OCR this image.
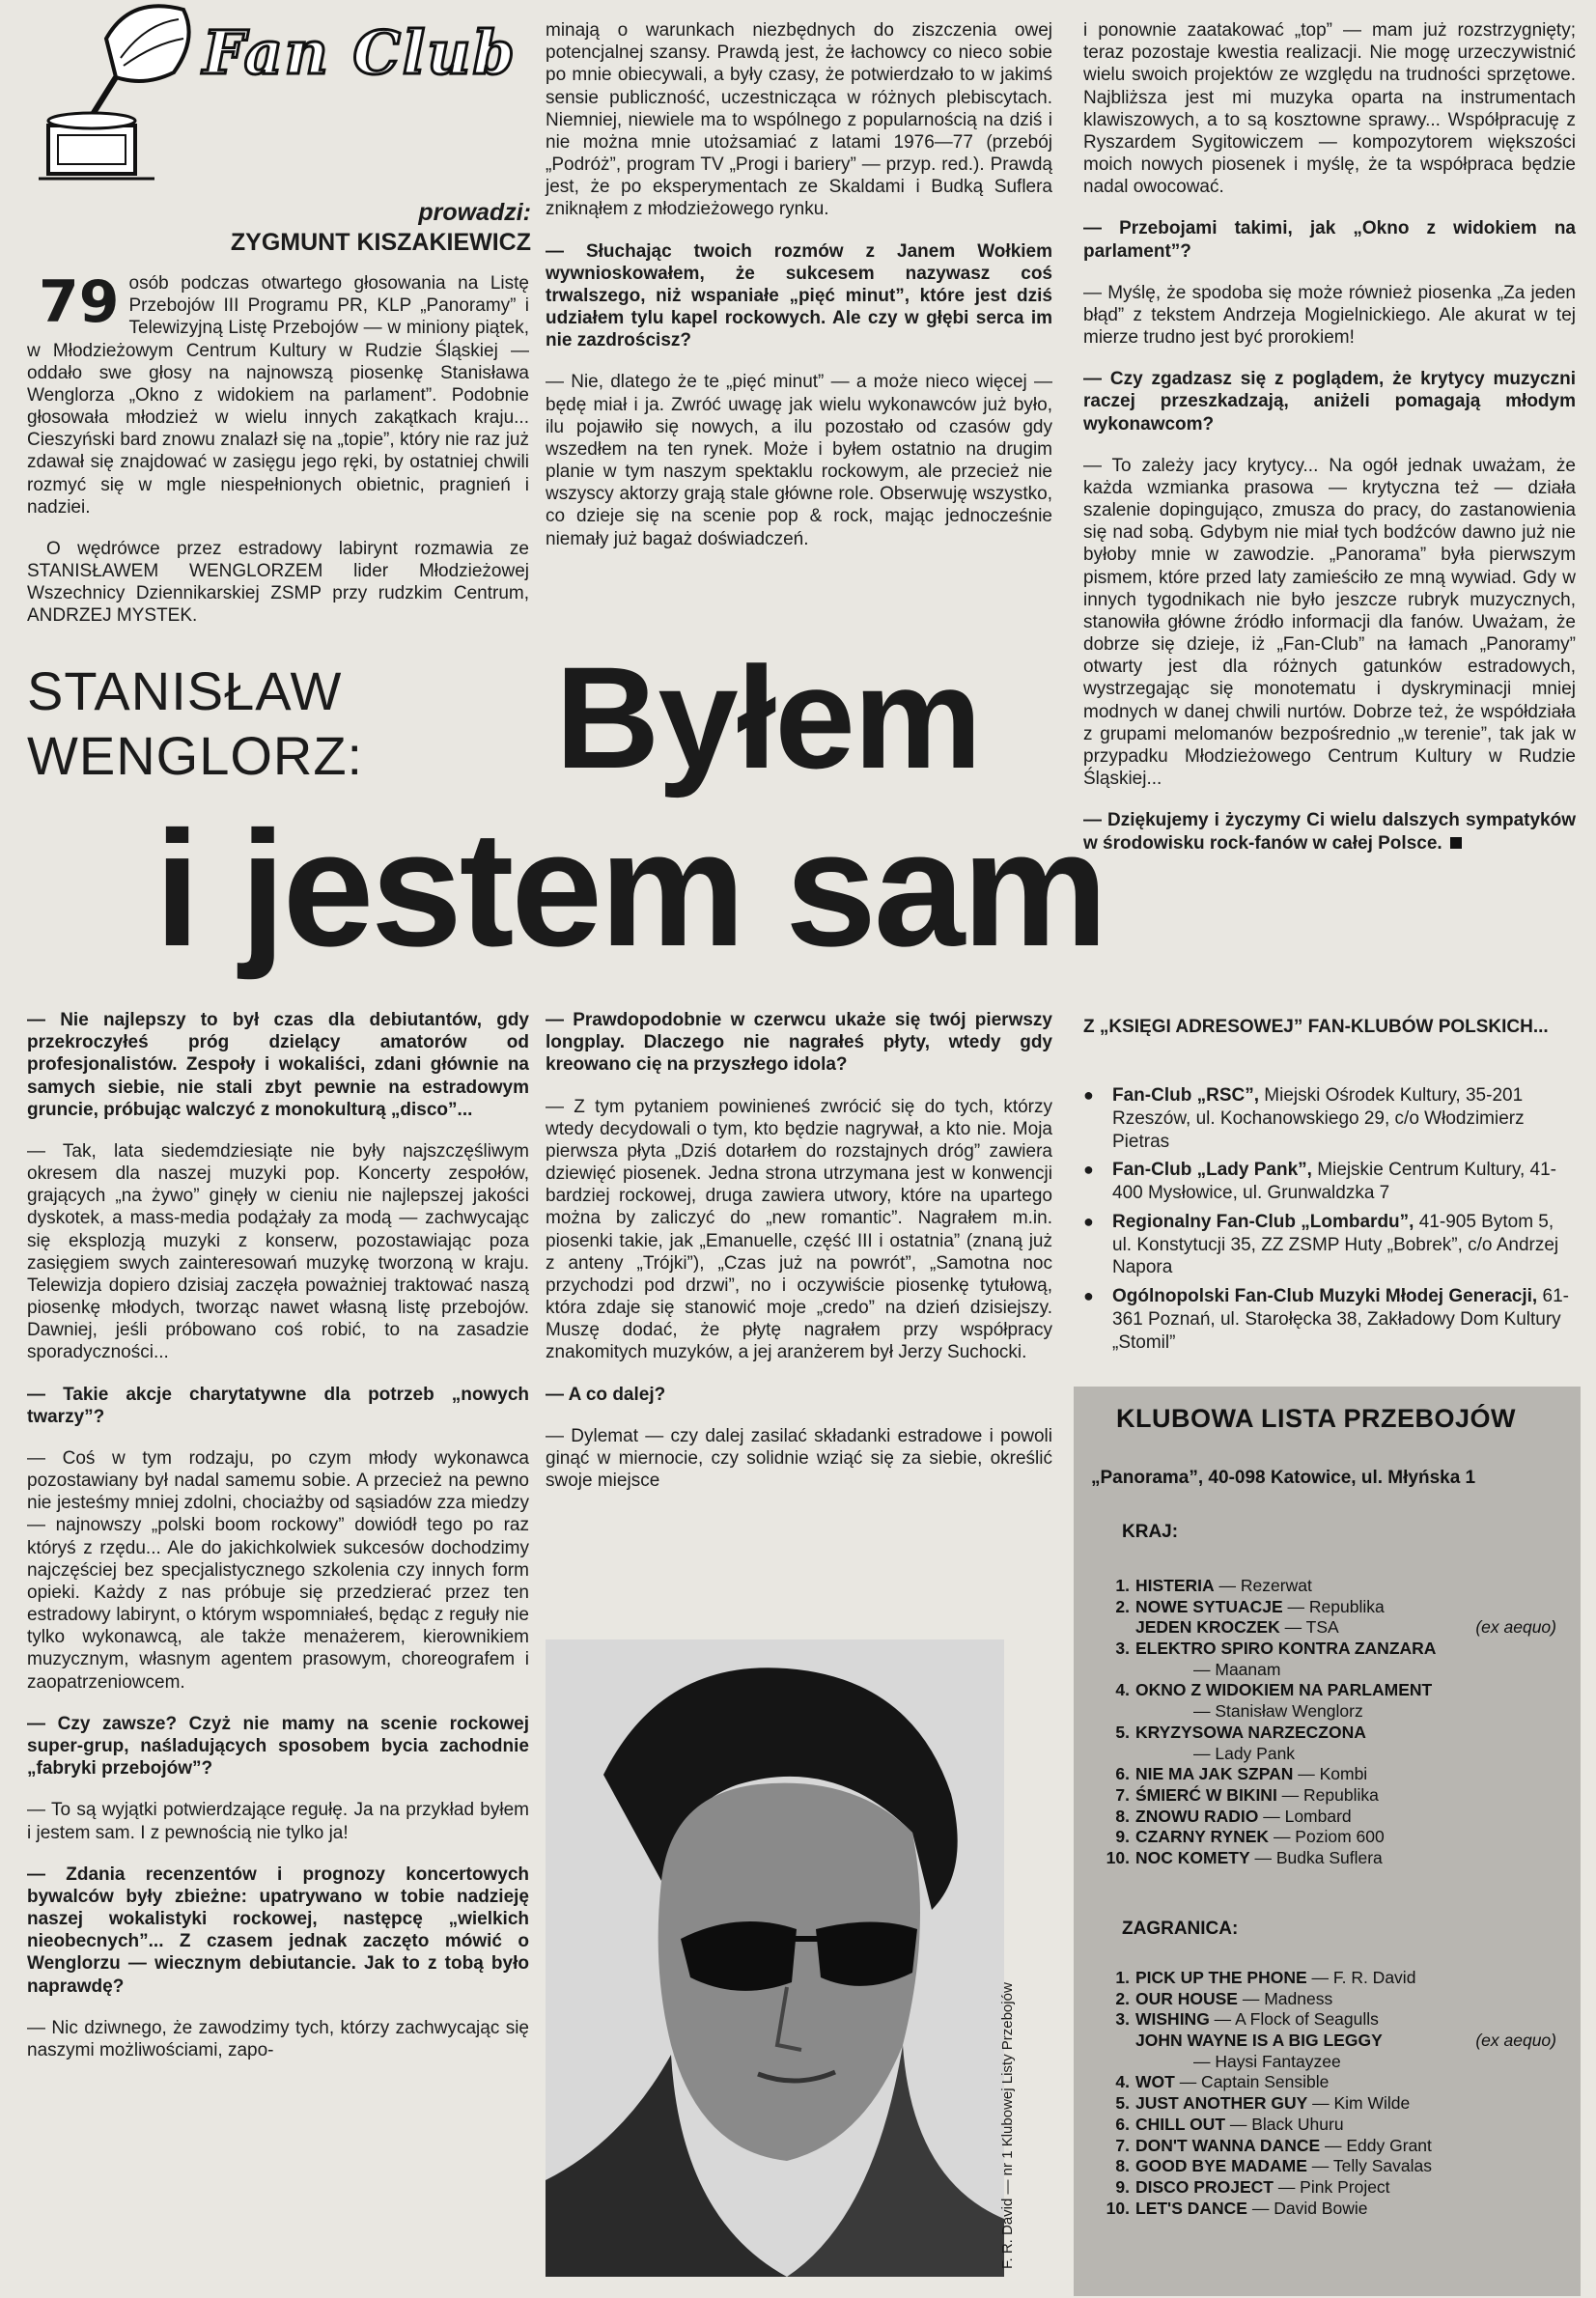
Fan Club
prowadzi:
ZYGMUNT KISZAKIEWICZ

79 osób podczas otwartego głosowania na Listę Przebojów III Programu PR, KLP „Panoramy” i Telewizyjną Listę Przebojów — w miniony piątek, w Młodzieżowym Centrum Kultury w Rudzie Śląskiej — oddało swe głosy na najnowszą piosenkę Stanisława Wenglorza „Okno z widokiem na parlament”. Podobnie głosowała młodzież w wielu innych zakątkach kraju... Cieszyński bard znowu znalazł się na „topie”, który nie raz już zdawał się znajdować w zasięgu jego ręki, by ostatniej chwili rozmyć się w mgle niespełnionych obietnic, pragnień i nadziei.

O wędrówce przez estradowy labirynt rozmawia ze STANISŁAWEM WENGLORZEM lider Młodzieżowej Wszechnicy Dziennikarskiej ZSMP przy rudzkim Centrum, ANDRZEJ MYSTEK.

minają o warunkach niezbędnych do ziszczenia owej potencjalnej szansy. Prawdą jest, że łachowcy co nieco sobie po mnie obiecywali, a były czasy, że potwierdzało to w jakimś sensie publiczność, uczestnicząca w różnych plebiscytach. Niemniej, niewiele ma to wspólnego z popularnością na dziś i nie można mnie utożsamiać z latami 1976—77 (przebój „Podróż”, program TV „Progi i bariery” — przyp. red.). Prawdą jest, że po eksperymentach ze Skaldami i Budką Suflera zniknąłem z młodzieżowego rynku.

— Słuchając twoich rozmów z Janem Wołkiem wywnioskowałem, że sukcesem nazywasz coś trwalszego, niż wspaniałe „pięć minut”, które jest dziś udziałem tylu kapel rockowych. Ale czy w głębi serca im nie zazdrościsz?

— Nie, dlatego że te „pięć minut” — a może nieco więcej — będę miał i ja. Zwróć uwagę jak wielu wykonawców już było, ilu pojawiło się nowych, a ilu pozostało od czasów gdy wszedłem na ten rynek. Może i byłem ostatnio na drugim planie w tym naszym spektaklu rockowym, ale przecież nie wszyscy aktorzy grają stale główne role. Obserwuję wszystko, co dzieje się na scenie pop & rock, mając jednocześnie niemały już bagaż doświadczeń.

i ponownie zaatakować „top” — mam już rozstrzygnięty; teraz pozostaje kwestia realizacji. Nie mogę urzeczywistnić wielu swoich projektów ze względu na trudności sprzętowe. Najbliższa jest mi muzyka oparta na instrumentach klawiszowych, a to są kosztowne sprawy... Współpracuję z Ryszardem Sygitowiczem — kompozytorem większości moich nowych piosenek i myślę, że ta współpraca będzie nadal owocować.

— Przebojami takimi, jak „Okno z widokiem na parlament”?

— Myślę, że spodoba się może również piosenka „Za jeden błąd” z tekstem Andrzeja Mogielnickiego. Ale akurat w tej mierze trudno jest być prorokiem!

— Czy zgadzasz się z poglądem, że krytycy muzyczni raczej przeszkadzają, aniżeli pomagają młodym wykonawcom?

— To zależy jacy krytycy... Na ogół jednak uważam, że każda wzmianka prasowa — krytyczna też — działa szalenie dopingująco, zmusza do pracy, do zastanowienia się nad sobą. Gdybym nie miał tych bodźców dawno już nie byłoby mnie w zawodzie. „Panorama” była pierwszym pismem, które przed laty zamieściło ze mną wywiad. Gdy w innych tygodnikach nie było jeszcze rubryk muzycznych, stanowiła główne źródło informacji dla fanów. Uważam, że dobrze się dzieje, iż „Fan-Club” na łamach „Panoramy” otwarty jest dla różnych gatunków estradowych, wystrzegając się monotematu i dyskryminacji mniej modnych w danej chwili nurtów. Dobrze też, że współdziała z grupami melomanów bezpośrednio „w terenie”, tak jak w przypadku Młodzieżowego Centrum Kultury w Rudzie Śląskiej...

— Dziękujemy i życzymy Ci wielu dalszych sympatyków w środowisku rock-fanów w całej Polsce.

STANISŁAW
WENGLORZ: Byłem
i jestem sam

— Nie najlepszy to był czas dla debiutantów, gdy przekroczyłeś próg dzielący amatorów od profesjonalistów. Zespoły i wokaliści, zdani głównie na samych siebie, nie stali zbyt pewnie na estradowym gruncie, próbując walczyć z monokulturą „disco”...

— Tak, lata siedemdziesiąte nie były najszczęśliwym okresem dla naszej muzyki pop. Koncerty zespołów, grających „na żywo” ginęły w cieniu nie najlepszej jakości dyskotek, a mass-media podążały za modą — zachwycając się eksplozją muzyki z konserw, pozostawiając poza zasięgiem swych zainteresowań muzykę tworzoną w kraju. Telewizja dopiero dzisiaj zaczęła poważniej traktować naszą piosenkę młodych, tworząc nawet własną listę przebojów. Dawniej, jeśli próbowano coś robić, to na zasadzie sporadyczności...

— Takie akcje charytatywne dla potrzeb „nowych twarzy”?

— Coś w tym rodzaju, po czym młody wykonawca pozostawiany był nadal samemu sobie. A przecież na pewno nie jesteśmy mniej zdolni, chociażby od sąsiadów zza miedzy — najnowszy „polski boom rockowy” dowiódł tego po raz któryś z rzędu... Ale do jakichkolwiek sukcesów dochodzimy najczęściej bez specjalistycznego szkolenia czy innych form opieki. Każdy z nas próbuje się przedzierać przez ten estradowy labirynt, o którym wspomniałeś, będąc z reguły nie tylko wykonawcą, ale także menażerem, kierownikiem muzycznym, własnym agentem prasowym, choreografem i zaopatrzeniowcem.

— Czy zawsze? Czyż nie mamy na scenie rockowej super-grup, naśladujących sposobem bycia zachodnie „fabryki przebojów”?

— To są wyjątki potwierdzające regułę. Ja na przykład byłem i jestem sam. I z pewnością nie tylko ja!

— Zdania recenzentów i prognozy koncertowych bywalców były zbieżne: upatrywano w tobie nadzieję naszej wokalistyki rockowej, następcę „wielkich nieobecnych”... Z czasem jednak zaczęto mówić o Wenglorzu — wiecznym debiutancie. Jak to z tobą było naprawdę?

— Nic dziwnego, że zawodzimy tych, którzy zachwycając się naszymi możliwościami, zapo-

— Prawdopodobnie w czerwcu ukaże się twój pierwszy longplay. Dlaczego nie nagrałeś płyty, wtedy gdy kreowano cię na przyszłego idola?

— Z tym pytaniem powinieneś zwrócić się do tych, którzy wtedy decydowali o tym, kto będzie nagrywał, a kto nie. Moja pierwsza płyta „Dziś dotarłem do rozstajnych dróg” zawiera dziewięć piosenek. Jedna strona utrzymana jest w konwencji bardziej rockowej, druga zawiera utwory, które na upartego można by zaliczyć do „new romantic”. Nagrałem m.in. piosenki takie, jak „Emanuelle, część III i ostatnia” (znaną już z anteny „Trójki”), „Czas już na powrót”, „Samotna noc przychodzi pod drzwi”, no i oczywiście piosenkę tytułową, która zdaje się stanowić moje „credo” na dzień dzisiejszy. Muszę dodać, że płytę nagrałem przy współpracy znakomitych muzyków, a jej aranżerem był Jerzy Suchocki.

— A co dalej?

— Dylemat — czy dalej zasilać składanki estradowe i powoli ginąć w miernocie, czy solidnie wziąć się za siebie, określić swoje miejsce

F. R. David — nr 1 Klubowej Listy Przebojów
Z „KSIĘGI ADRESOWEJ” FAN-KLUBÓW POLSKICH...
● Fan-Club „RSC”, Miejski Ośrodek Kultury, 35-201 Rzeszów, ul. Kochanowskiego 29, c/o Włodzimierz Pietras
● Fan-Club „Lady Pank”, Miejskie Centrum Kultury, 41-400 Mysłowice, ul. Grunwaldzka 7
● Regionalny Fan-Club „Lombardu”, 41-905 Bytom 5, ul. Konstytucji 35, ZZ ZSMP Huty „Bobrek”, c/o Andrzej Napora
● Ogólnopolski Fan-Club Muzyki Młodej Generacji, 61-361 Poznań, ul. Starołęcka 38, Zakładowy Dom Kultury „Stomil”
KLUBOWA LISTA PRZEBOJÓW
„Panorama”, 40-098 Katowice, ul. Młyńska 1
KRAJ:
1. HISTERIA — Rezerwat
2. NOWE SYTUACJE — Republika
(ex aequo)
JEDEN KROCZEK — TSA
3. ELEKTRO SPIRO KONTRA ZANZARA
— Maanam
4. OKNO Z WIDOKIEM NA PARLAMENT
— Stanisław Wenglorz
5. KRYZYSOWA NARZECZONA
— Lady Pank
6. NIE MA JAK SZPAN — Kombi
7. ŚMIERĆ W BIKINI — Republika
8. ZNOWU RADIO — Lombard
9. CZARNY RYNEK — Poziom 600
10. NOC KOMETY — Budka Suflera
ZAGRANICA:
1. PICK UP THE PHONE — F. R. David
2. OUR HOUSE — Madness
3. WISHING — A Flock of Seagulls
(ex aequo)
JOHN WAYNE IS A BIG LEGGY
— Haysi Fantayzee
4. WOT — Captain Sensible
5. JUST ANOTHER GUY — Kim Wilde
6. CHILL OUT — Black Uhuru
7. DON'T WANNA DANCE — Eddy Grant
8. GOOD BYE MADAME — Telly Savalas
9. DISCO PROJECT — Pink Project
10. LET'S DANCE — David Bowie
